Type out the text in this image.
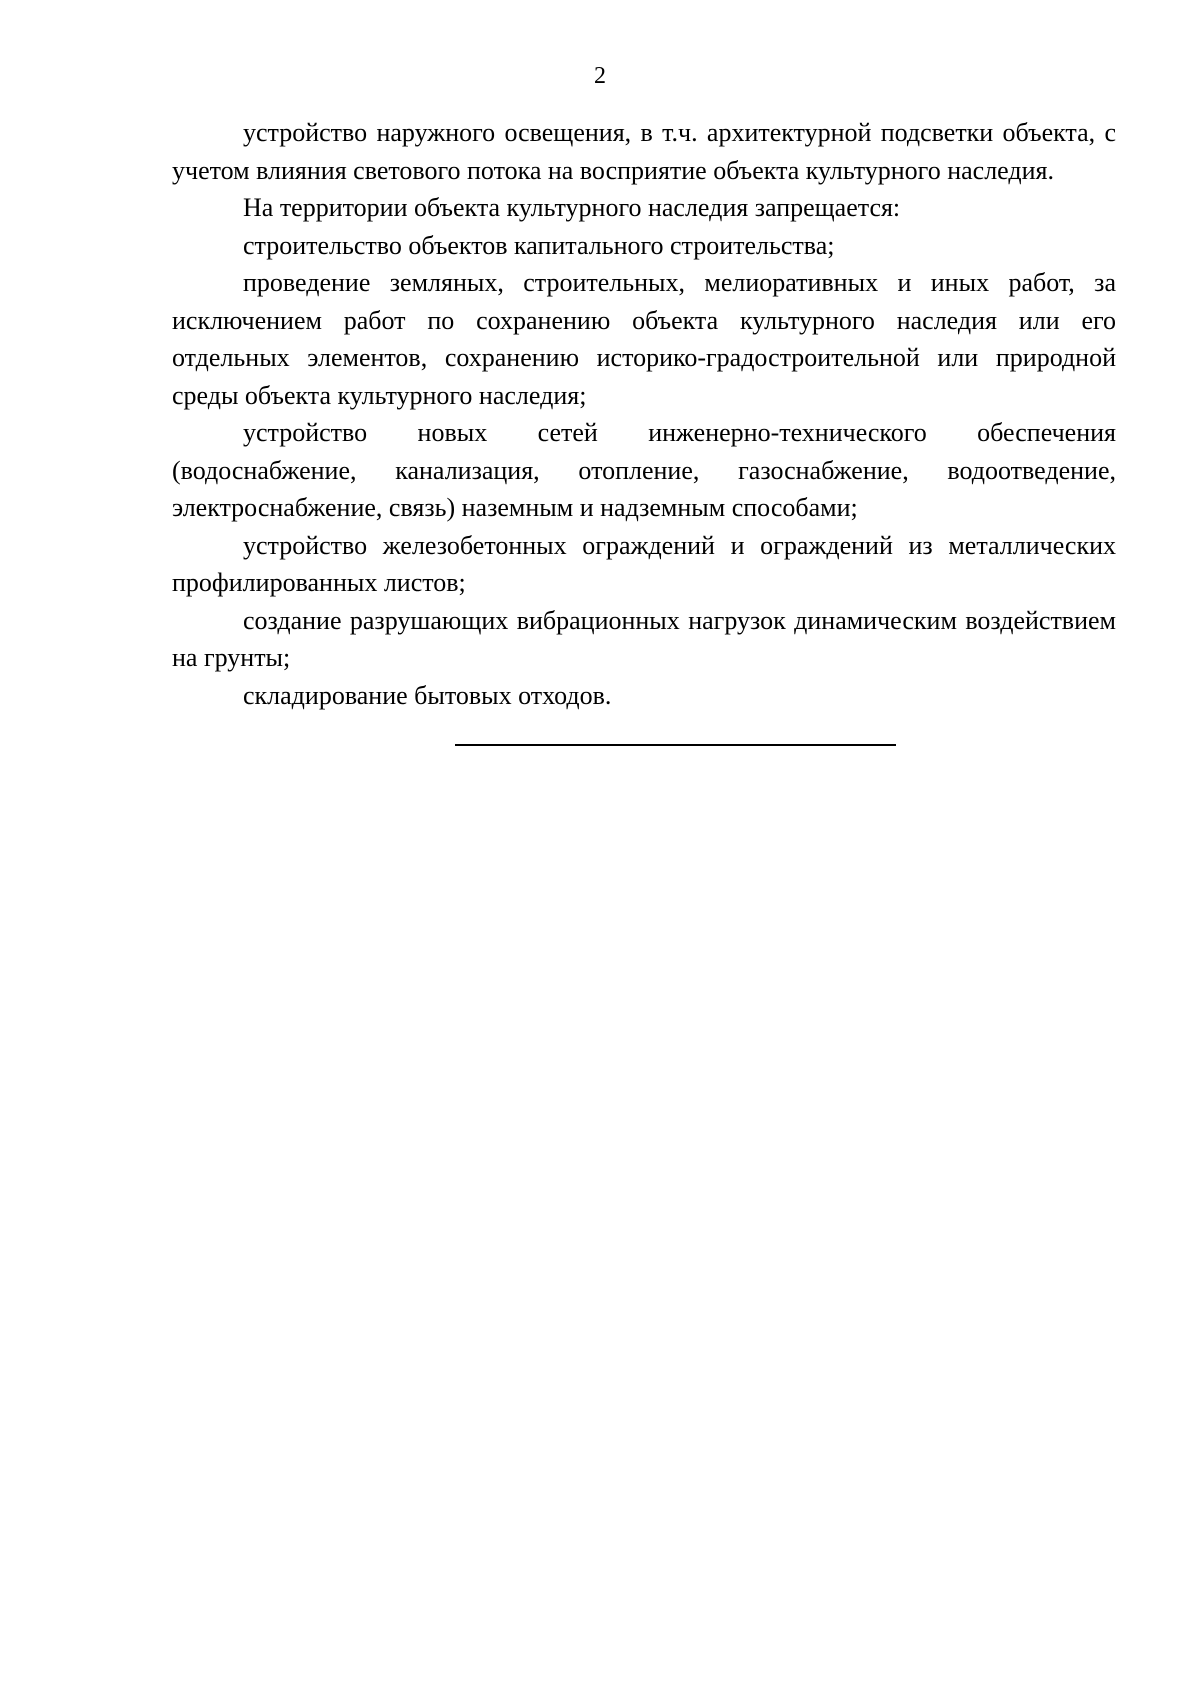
2

устройство наружного освещения, в т.ч. архитектурной подсветки объекта, с учетом влияния светового потока на восприятие объекта культурного наследия.

На территории объекта культурного наследия запрещается:

строительство объектов капитального строительства;

проведение земляных, строительных, мелиоративных и иных работ, за исключением работ по сохранению объекта культурного наследия или его отдельных элементов, сохранению историко-градостроительной или природной среды объекта культурного наследия;

устройство новых сетей инженерно-технического обеспечения (водоснабжение, канализация, отопление, газоснабжение, водоотведение, электроснабжение, связь) наземным и надземным способами;

устройство железобетонных ограждений и ограждений из металлических профилированных листов;

создание разрушающих вибрационных нагрузок динамическим воздействием на грунты;

складирование бытовых отходов.
